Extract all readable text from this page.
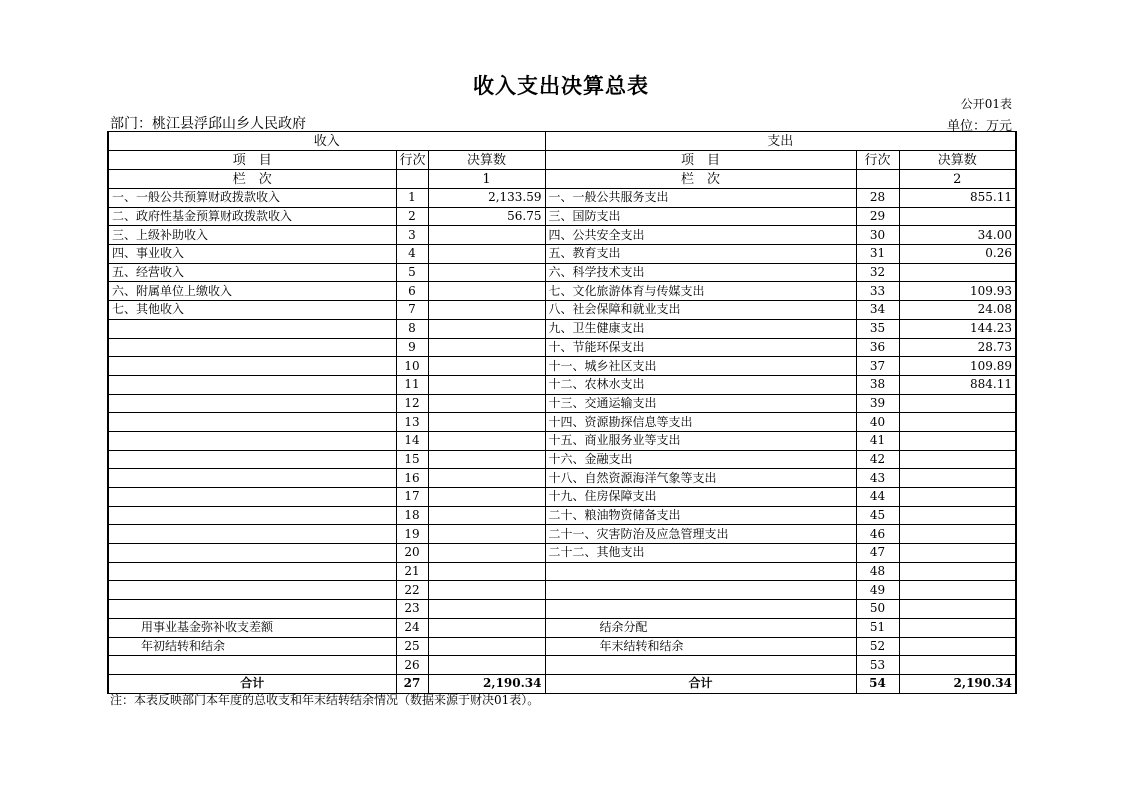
收入支出决算总表
公开01表
部门：桃江县浮邱山乡人民政府	单位：万元
收入			支出		
项　目	行次	决算数	项　目	行次	决算数
栏　次		1	栏　次		2
一、一般公共预算财政拨款收入	1	2,133.59	一、一般公共服务支出	28	855.11
二、政府性基金预算财政拨款收入	2	56.75	三、国防支出	29	
三、上级补助收入	3		四、公共安全支出	30	34.00
四、事业收入	4		五、教育支出	31	0.26
五、经营收入	5		六、科学技术支出	32	
六、附属单位上缴收入	6		七、文化旅游体育与传媒支出	33	109.93
七、其他收入	7		八、社会保障和就业支出	34	24.08
	8		九、卫生健康支出	35	144.23
	9		十、节能环保支出	36	28.73
	10		十一、城乡社区支出	37	109.89
	11		十二、农林水支出	38	884.11
	12		十三、交通运输支出	39	
	13		十四、资源勘探信息等支出	40	
	14		十五、商业服务业等支出	41	
	15		十六、金融支出	42	
	16		十八、自然资源海洋气象等支出	43	
	17		十九、住房保障支出	44	
	18		二十、粮油物资储备支出	45	
	19		二十一、灾害防治及应急管理支出	46	
	20		二十二、其他支出	47	
	21			48	
	22			49	
	23			50	
用事业基金弥补收支差额	24		结余分配	51	
年初结转和结余	25		年末结转和结余	52	
	26			53	
合计	27	2,190.34	合计	54	2,190.34
注：本表反映部门本年度的总收支和年末结转结余情况（数据来源于财决01表）。
